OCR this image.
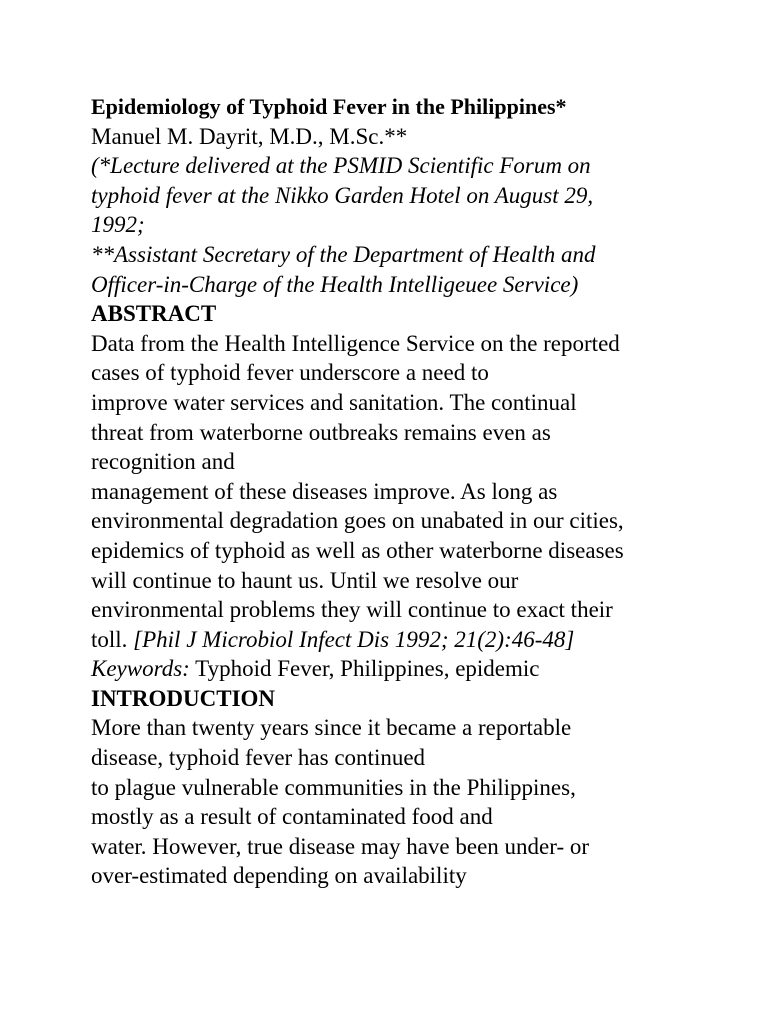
Epidemiology of Typhoid Fever in the Philippines*
Manuel M. Dayrit, M.D., M.Sc.**
(*Lecture delivered at the PSMID Scientific Forum on
typhoid fever at the Nikko Garden Hotel on August 29,
1992;
**Assistant Secretary of the Department of Health and
Officer-in-Charge of the Health Intelligeuee Service)
ABSTRACT
Data from the Health Intelligence Service on the reported
cases of typhoid fever underscore a need to
improve water services and sanitation. The continual
threat from waterborne outbreaks remains even as
recognition and
management of these diseases improve. As long as
environmental degradation goes on unabated in our cities,
epidemics of typhoid as well as other waterborne diseases
will continue to haunt us. Until we resolve our
environmental problems they will continue to exact their
toll. [Phil J Microbiol Infect Dis 1992; 21(2):46-48]
Keywords: Typhoid Fever, Philippines, epidemic
INTRODUCTION
More than twenty years since it became a reportable
disease, typhoid fever has continued
to plague vulnerable communities in the Philippines,
mostly as a result of contaminated food and
water. However, true disease may have been under- or
over-estimated depending on availability
